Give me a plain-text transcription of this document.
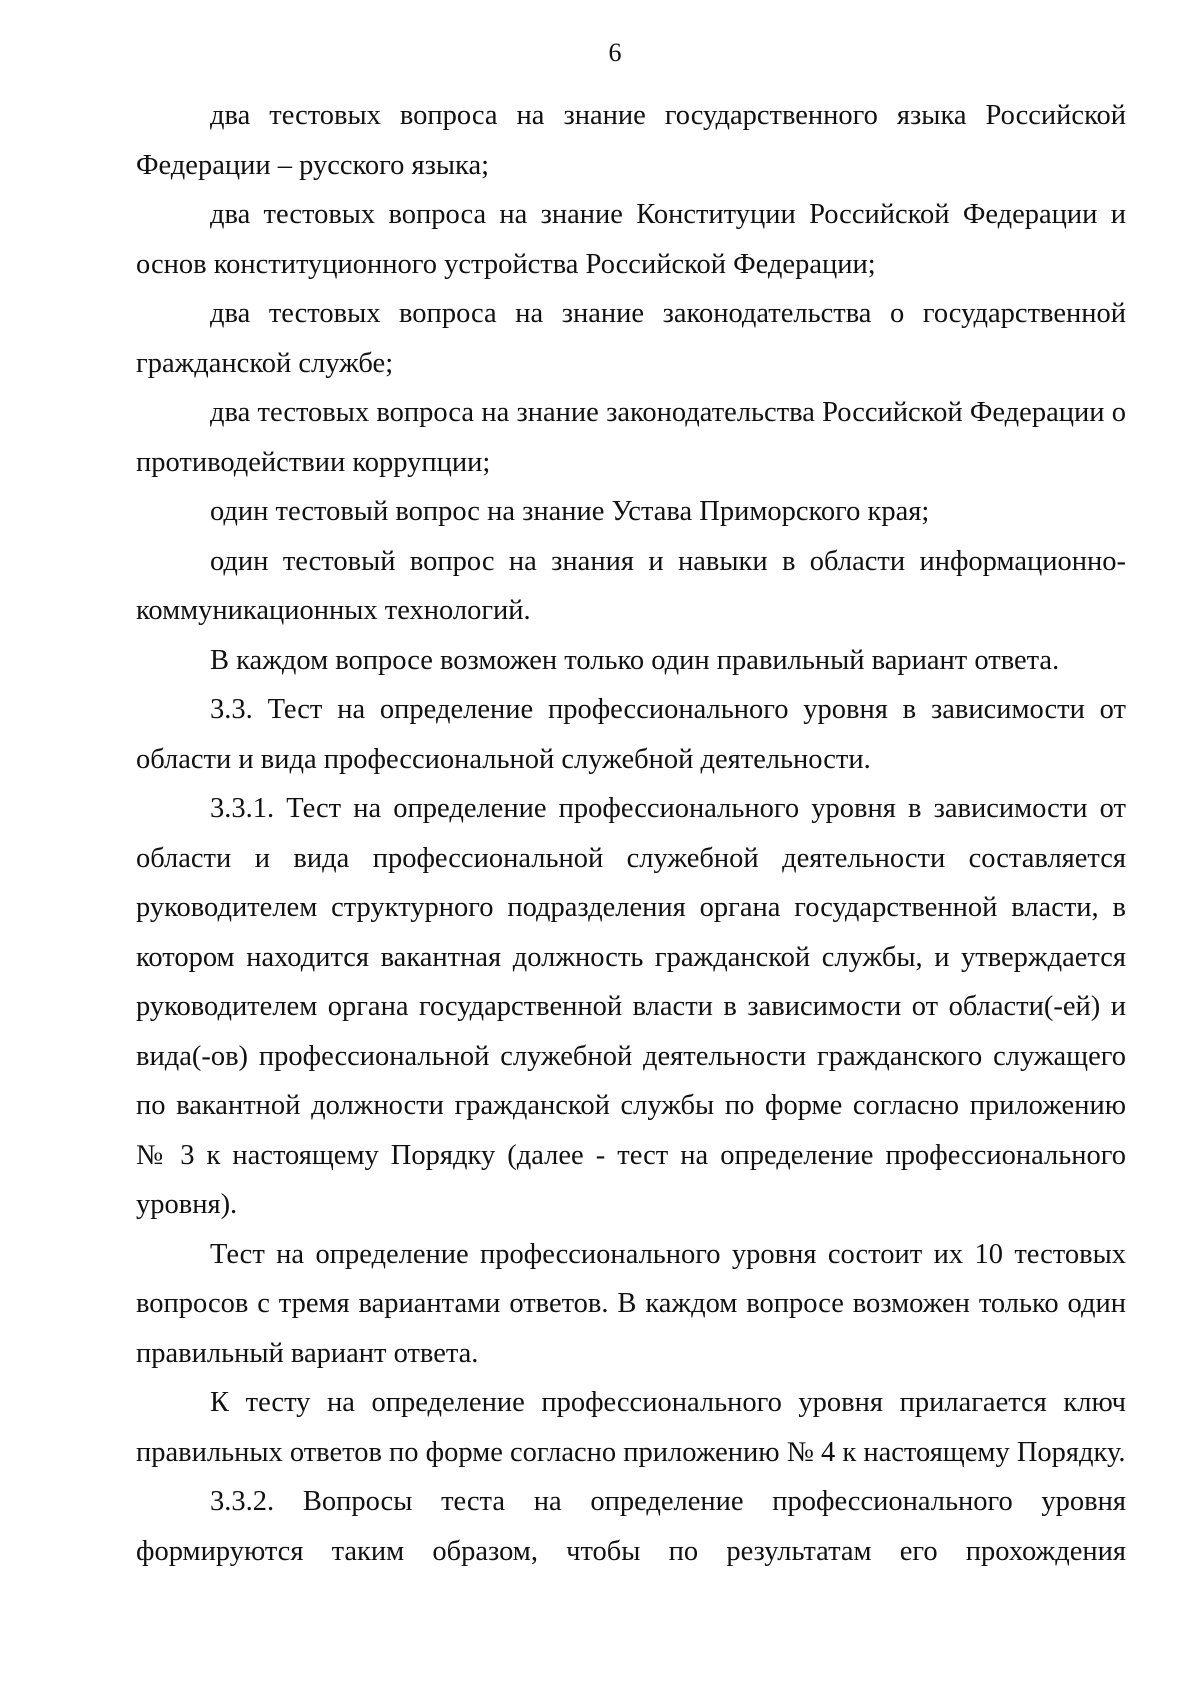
6

два тестовых вопроса на знание государственного языка Российской Федерации – русского языка;

два тестовых вопроса на знание Конституции Российской Федерации и основ конституционного устройства Российской Федерации;

два тестовых вопроса на знание законодательства о государственной гражданской службе;

два тестовых вопроса на знание законодательства Российской Федерации о противодействии коррупции;

один тестовый вопрос на знание Устава Приморского края;

один тестовый вопрос на знания и навыки в области информационно-коммуникационных технологий.

В каждом вопросе возможен только один правильный вариант ответа.

3.3. Тест на определение профессионального уровня в зависимости от области и вида профессиональной служебной деятельности.

3.3.1. Тест на определение профессионального уровня в зависимости от области и вида профессиональной служебной деятельности составляется руководителем структурного подразделения органа государственной власти, в котором находится вакантная должность гражданской службы, и утверждается руководителем органа государственной власти в зависимости от области(-ей) и вида(-ов) профессиональной служебной деятельности гражданского служащего по вакантной должности гражданской службы по форме согласно приложению № 3 к настоящему Порядку (далее - тест на определение профессионального уровня).

Тест на определение профессионального уровня состоит их 10 тестовых вопросов с тремя вариантами ответов. В каждом вопросе возможен только один правильный вариант ответа.

К тесту на определение профессионального уровня прилагается ключ правильных ответов по форме согласно приложению № 4 к настоящему Порядку.

3.3.2. Вопросы теста на определение профессионального уровня формируются таким образом, чтобы по результатам его прохождения
